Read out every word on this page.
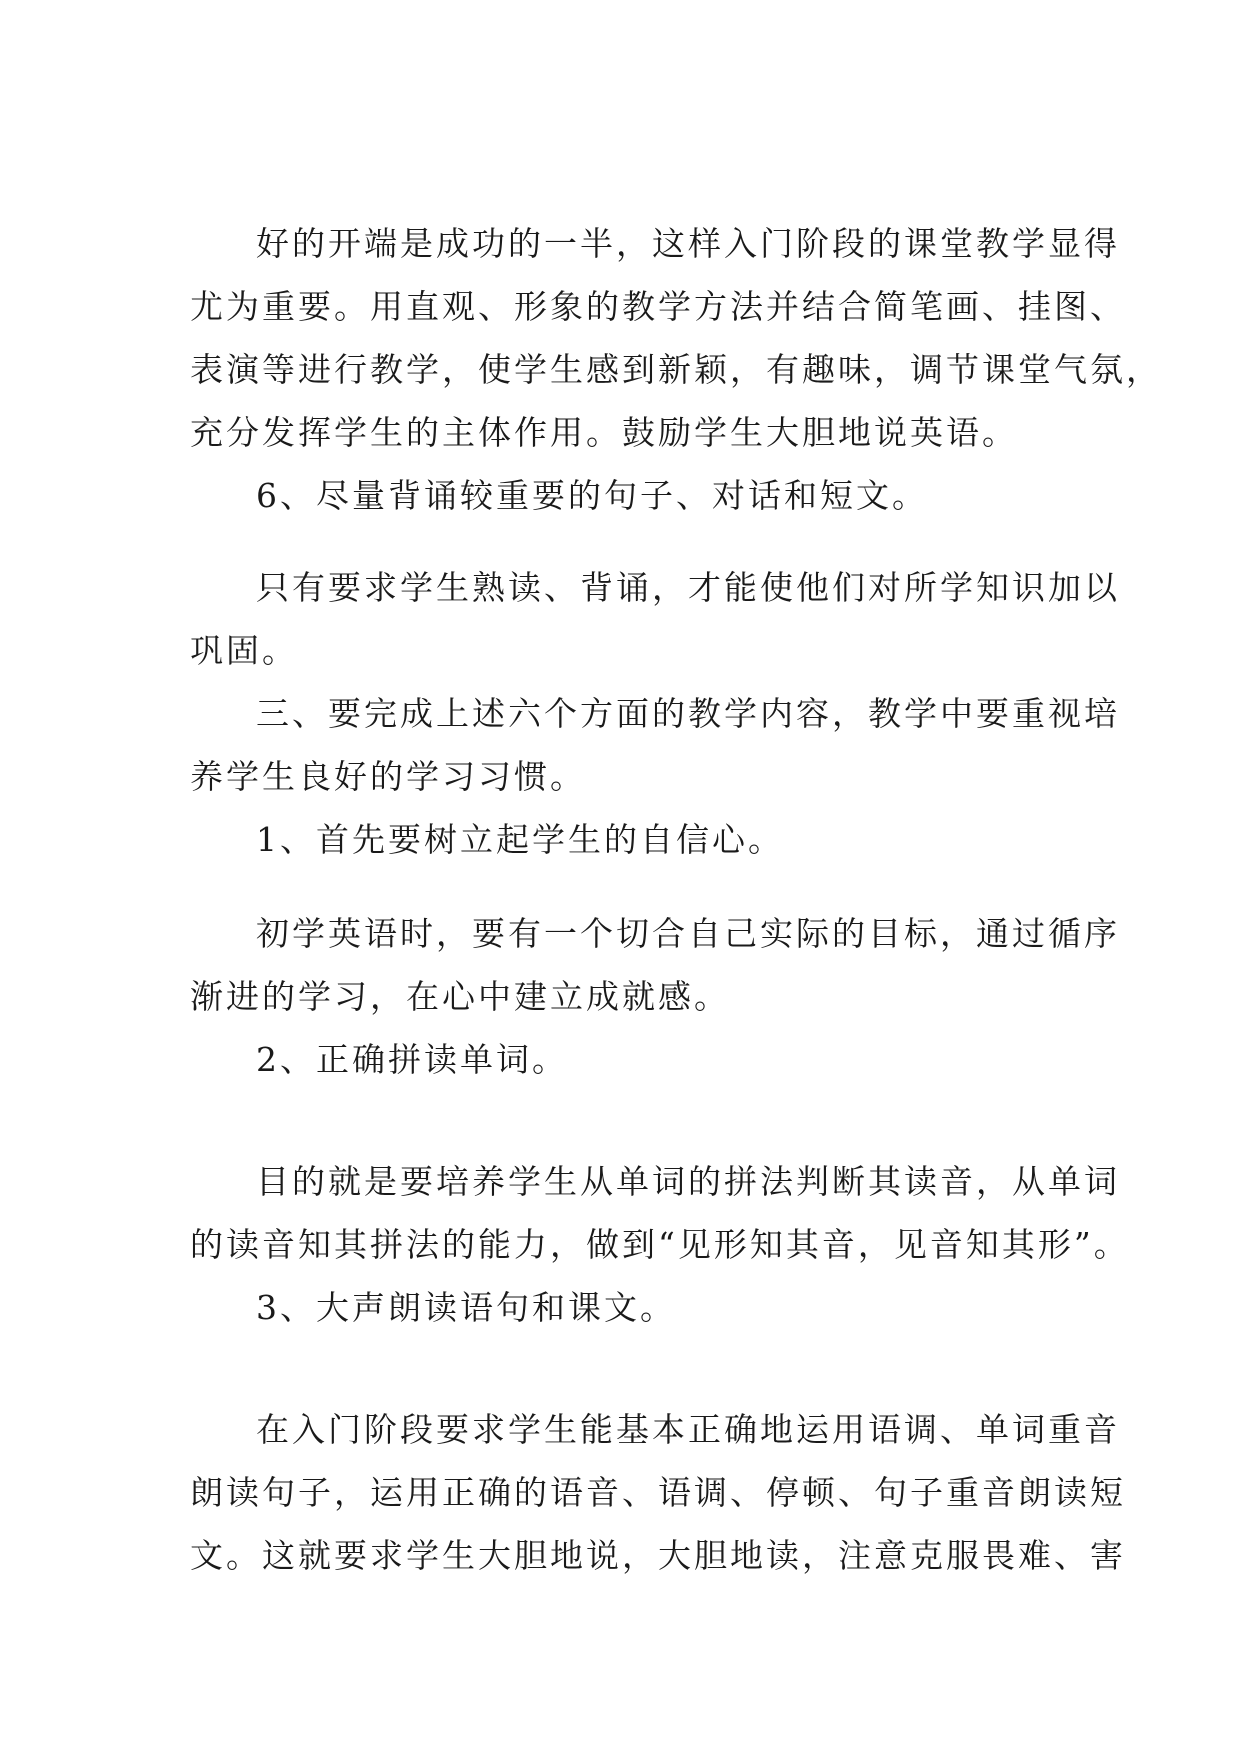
好的开端是成功的一半，这样入门阶段的课堂教学显得
尤为重要。用直观、形象的教学方法并结合简笔画、挂图、
表演等进行教学，使学生感到新颖，有趣味，调节课堂气氛，
充分发挥学生的主体作用。鼓励学生大胆地说英语。
6、尽量背诵较重要的句子、对话和短文。
只有要求学生熟读、背诵，才能使他们对所学知识加以
巩固。
三、要完成上述六个方面的教学内容，教学中要重视培
养学生良好的学习习惯。
1、首先要树立起学生的自信心。
初学英语时，要有一个切合自己实际的目标，通过循序
渐进的学习，在心中建立成就感。
2、正确拼读单词。
目的就是要培养学生从单词的拼法判断其读音，从单词
的读音知其拼法的能力，做到“见形知其音，见音知其形”。
3、大声朗读语句和课文。
在入门阶段要求学生能基本正确地运用语调、单词重音
朗读句子，运用正确的语音、语调、停顿、句子重音朗读短
文。这就要求学生大胆地说，大胆地读，注意克服畏难、害
